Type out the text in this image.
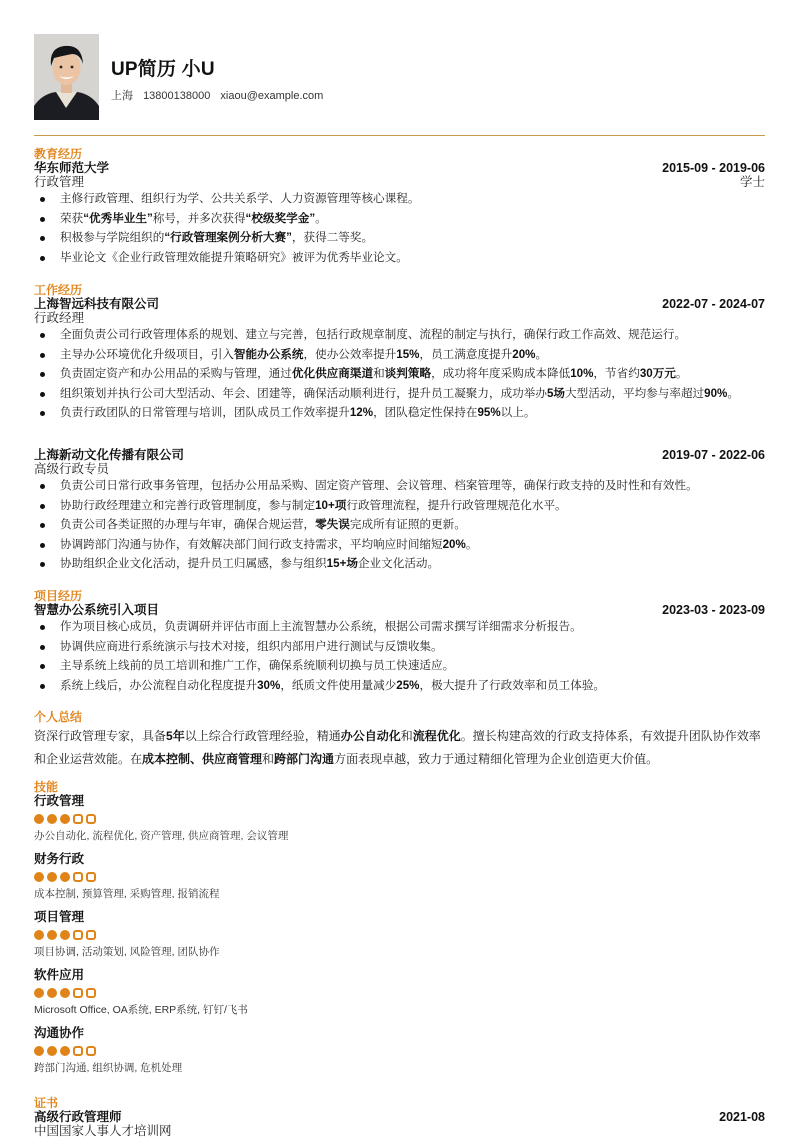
UP简历 小U
上海 13800138000 xiaou@example.com
教育经历
华东师范大学	2015-09 - 2019-06
行政管理	学士
主修行政管理、组织行为学、公共关系学、人力资源管理等核心课程。
荣获“优秀毕业生”称号，并多次获得“校级奖学金”。
积极参与学院组织的“行政管理案例分析大赛”，获得二等奖。
毕业论文《企业行政管理效能提升策略研究》被评为优秀毕业论文。
工作经历
上海智远科技有限公司	2022-07 - 2024-07
行政经理
全面负责公司行政管理体系的规划、建立与完善，包括行政规章制度、流程的制定与执行，确保行政工作高效、规范运行。
主导办公环境优化升级项目，引入智能办公系统，使办公效率提升15%，员工满意度提升20%。
负责固定资产和办公用品的采购与管理，通过优化供应商渠道和谈判策略，成功将年度采购成本降低10%，节省约30万元。
组织策划并执行公司大型活动、年会、团建等，确保活动顺利进行，提升员工凝聚力，成功举办5场大型活动，平均参与率超过90%。
负责行政团队的日常管理与培训，团队成员工作效率提升12%，团队稳定性保持在95%以上。
上海新动文化传播有限公司	2019-07 - 2022-06
高级行政专员
负责公司日常行政事务管理，包括办公用品采购、固定资产管理、会议管理、档案管理等，确保行政支持的及时性和有效性。
协助行政经理建立和完善行政管理制度，参与制定10+项行政管理流程，提升行政管理规范化水平。
负责公司各类证照的办理与年审，确保合规运营，零失误完成所有证照的更新。
协调跨部门沟通与协作，有效解决部门间行政支持需求，平均响应时间缩短20%。
协助组织企业文化活动，提升员工归属感，参与组织15+场企业文化活动。
项目经历
智慧办公系统引入项目	2023-03 - 2023-09
作为项目核心成员，负责调研并评估市面上主流智慧办公系统，根据公司需求撰写详细需求分析报告。
协调供应商进行系统演示与技术对接，组织内部用户进行测试与反馈收集。
主导系统上线前的员工培训和推广工作，确保系统顺利切换与员工快速适应。
系统上线后，办公流程自动化程度提升30%，纸质文件使用量减少25%，极大提升了行政效率和员工体验。
个人总结
资深行政管理专家，具备5年以上综合行政管理经验，精通办公自动化和流程优化。擅长构建高效的行政支持体系，有效提升团队协作效率和企业运营效能。在成本控制、供应商管理和跨部门沟通方面表现卓越，致力于通过精细化管理为企业创造更大价值。
技能
行政管理
办公自动化, 流程优化, 资产管理, 供应商管理, 会议管理
财务行政
成本控制, 预算管理, 采购管理, 报销流程
项目管理
项目协调, 活动策划, 风险管理, 团队协作
软件应用
Microsoft Office, OA系统, ERP系统, 钉钉/飞书
沟通协作
跨部门沟通, 组织协调, 危机处理
证书
高级行政管理师	2021-08
中国国家人事人才培训网
